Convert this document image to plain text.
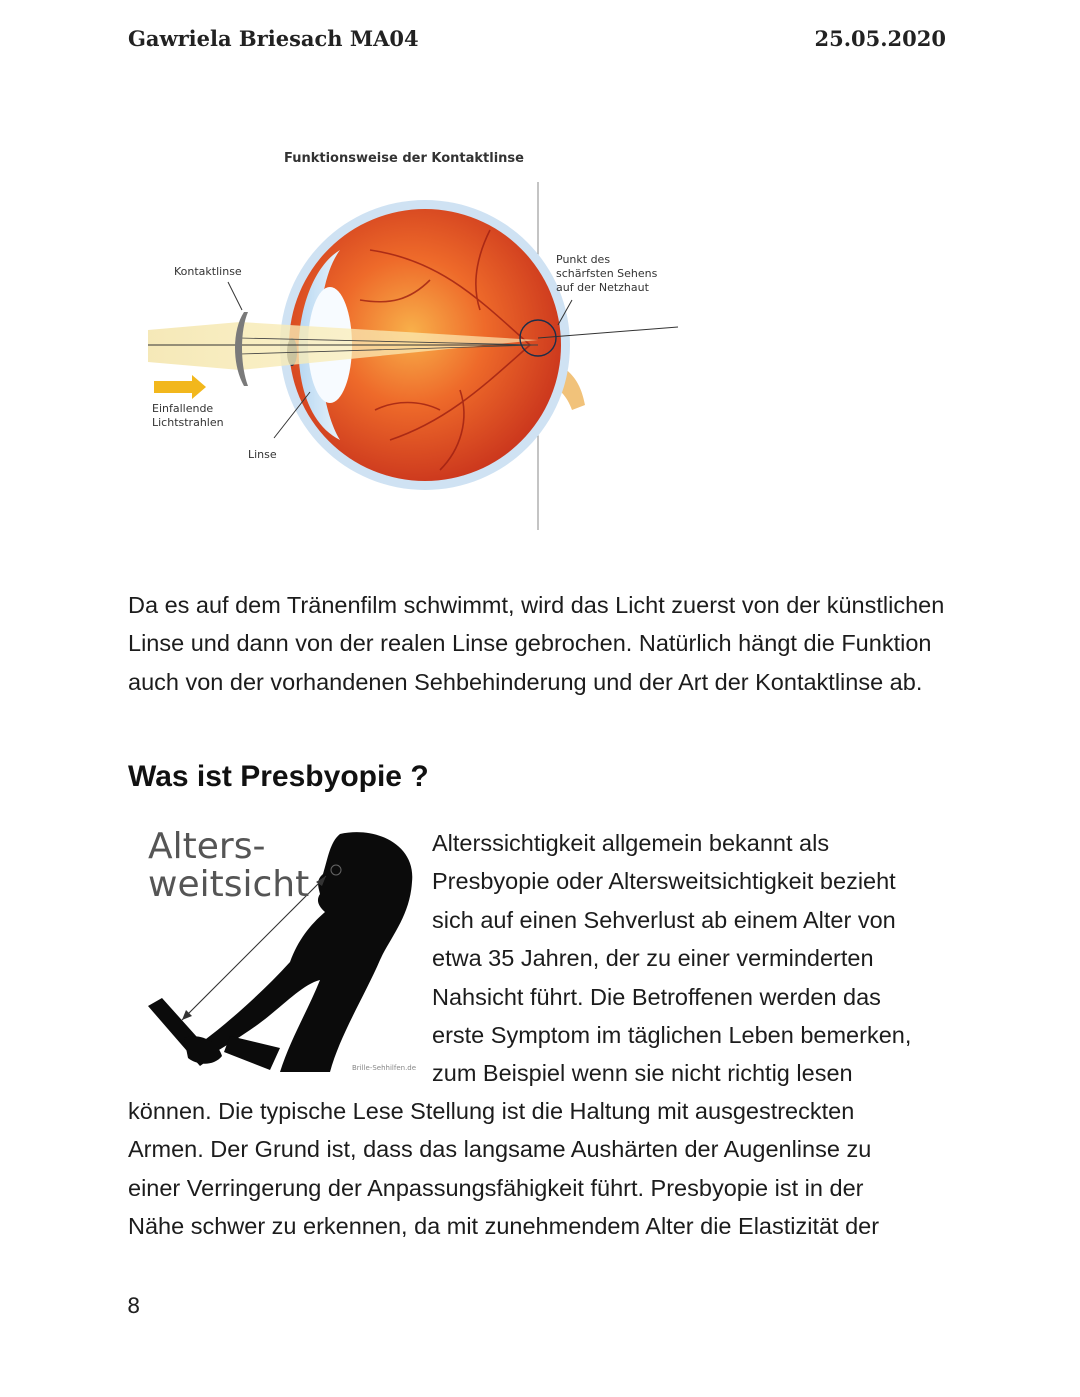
Gawriela Briesach MA04	25.05.2020
Funktionsweise der Kontaktlinse
Kontaktlinse
Punkt des
schärfsten Sehens
auf der Netzhaut
Einfallende
Lichtstrahlen
Linse

Da es auf dem Tränenfilm schwimmt, wird das Licht zuerst von der künstlichen Linse und dann von der realen Linse gebrochen. Natürlich hängt die Funktion auch von der vorhandenen Sehbehinderung und der Art der Kontaktlinse ab.

Was ist Presbyopie ?
Alters-
weitsicht
Brille-Sehhilfen.de
Alterssichtigkeit allgemein bekannt als
Presbyopie oder Altersweitsichtigkeit bezieht
sich auf einen Sehverlust ab einem Alter von
etwa 35 Jahren, der zu einer verminderten
Nahsicht führt. Die Betroffenen werden das
erste Symptom im täglichen Leben bemerken,
zum Beispiel wenn sie nicht richtig lesen
können. Die typische Lese Stellung ist die Haltung mit ausgestreckten
Armen. Der Grund ist, dass das langsame Aushärten der Augenlinse zu
einer Verringerung der Anpassungsfähigkeit führt. Presbyopie ist in der
Nähe schwer zu erkennen, da mit zunehmendem Alter die Elastizität der
8
